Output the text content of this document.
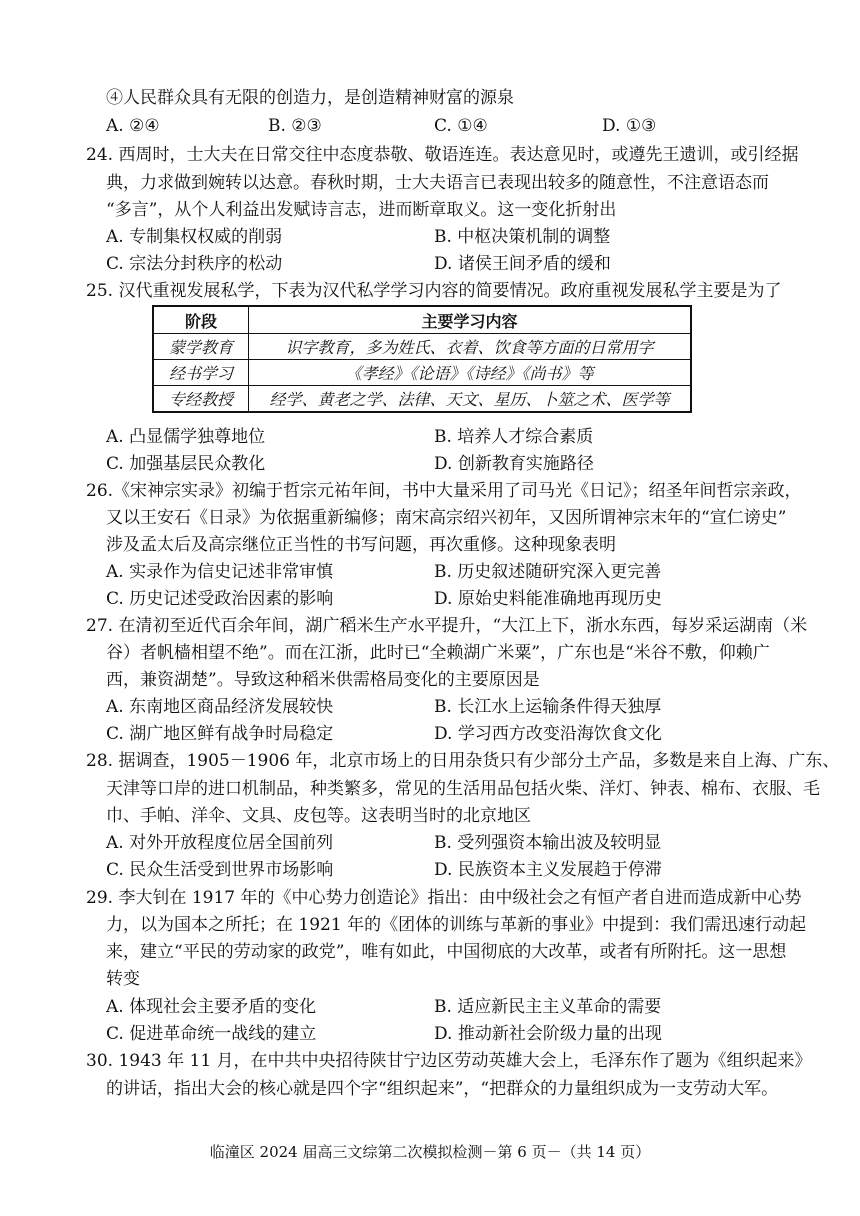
④人民群众具有无限的创造力，是创造精神财富的源泉
A. ②④	B. ②③	C. ①④	D. ①③
24. 西周时，士大夫在日常交往中态度恭敬、敬语连连。表达意见时，或遵先王遗训，或引经据
典，力求做到婉转以达意。春秋时期，士大夫语言已表现出较多的随意性，不注意语态而
“多言”，从个人利益出发赋诗言志，进而断章取义。这一变化折射出
A. 专制集权权威的削弱	B. 中枢决策机制的调整
C. 宗法分封秩序的松动	D. 诸侯王间矛盾的缓和
25. 汉代重视发展私学，下表为汉代私学学习内容的简要情况。政府重视发展私学主要是为了
阶段	主要学习内容
蒙学教育	识字教育，多为姓氏、衣着、饮食等方面的日常用字
经书学习	《孝经》《论语》《诗经》《尚书》等
专经教授	经学、黄老之学、法律、天文、星历、卜筮之术、医学等
A. 凸显儒学独尊地位	B. 培养人才综合素质
C. 加强基层民众教化	D. 创新教育实施路径
26.《宋神宗实录》初编于哲宗元祐年间，书中大量采用了司马光《日记》；绍圣年间哲宗亲政，
又以王安石《日录》为依据重新编修；南宋高宗绍兴初年，又因所谓神宗末年的“宣仁谤史”
涉及孟太后及高宗继位正当性的书写问题，再次重修。这种现象表明
A. 实录作为信史记述非常审慎	B. 历史叙述随研究深入更完善
C. 历史记述受政治因素的影响	D. 原始史料能准确地再现历史
27. 在清初至近代百余年间，湖广稻米生产水平提升，“大江上下，浙水东西，每岁采运湖南（米
谷）者帆樯相望不绝”。而在江浙，此时已“全赖湖广米粟”，广东也是“米谷不敷，仰赖广
西，兼资湖楚”。导致这种稻米供需格局变化的主要原因是
A. 东南地区商品经济发展较快	B. 长江水上运输条件得天独厚
C. 湖广地区鲜有战争时局稳定	D. 学习西方改变沿海饮食文化
28. 据调查，1905－1906 年，北京市场上的日用杂货只有少部分土产品，多数是来自上海、广东、
天津等口岸的进口机制品，种类繁多，常见的生活用品包括火柴、洋灯、钟表、棉布、衣服、毛
巾、手帕、洋伞、文具、皮包等。这表明当时的北京地区
A. 对外开放程度位居全国前列	B. 受列强资本输出波及较明显
C. 民众生活受到世界市场影响	D. 民族资本主义发展趋于停滞
29. 李大钊在 1917 年的《中心势力创造论》指出：由中级社会之有恒产者自进而造成新中心势
力，以为国本之所托；在 1921 年的《团体的训练与革新的事业》中提到：我们需迅速行动起
来，建立“平民的劳动家的政党”，唯有如此，中国彻底的大改革，或者有所附托。这一思想
转变
A. 体现社会主要矛盾的变化	B. 适应新民主主义革命的需要
C. 促进革命统一战线的建立	D. 推动新社会阶级力量的出现
30. 1943 年 11 月，在中共中央招待陕甘宁边区劳动英雄大会上，毛泽东作了题为《组织起来》
的讲话，指出大会的核心就是四个字“组织起来”，“把群众的力量组织成为一支劳动大军。
临潼区 2024 届高三文综第二次模拟检测－第 6 页－（共 14 页）
